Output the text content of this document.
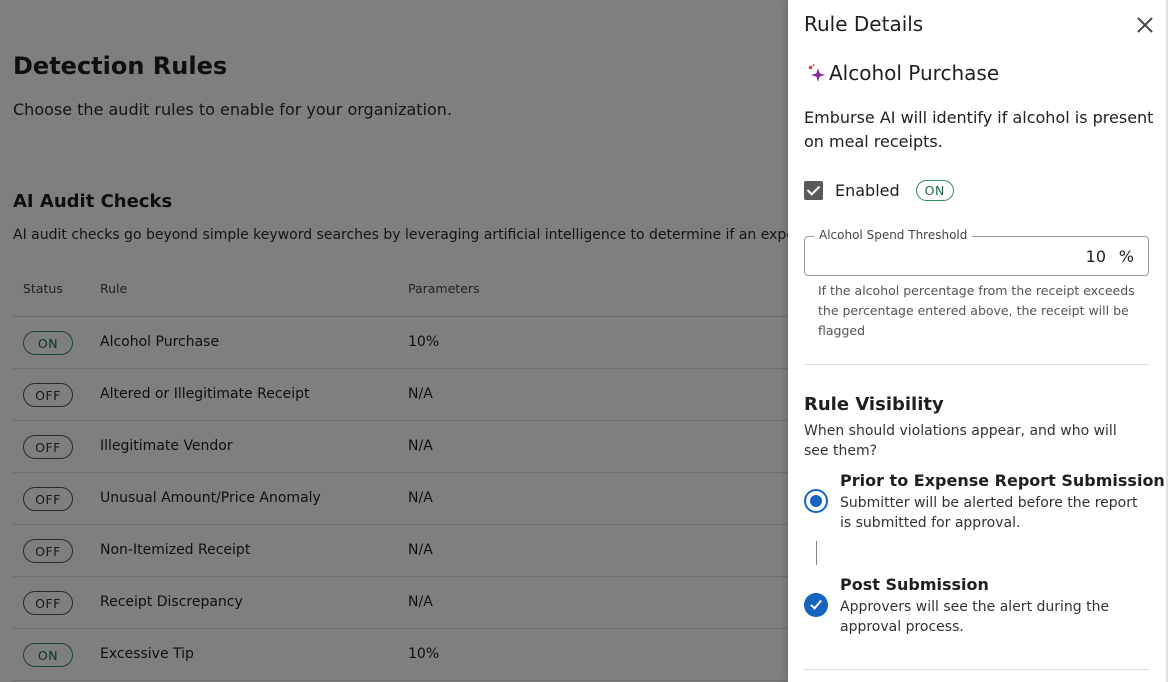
Rule Details
Alcohol Purchase
Emburse AI will identify if alcohol is present on meal receipts.
Enabled	ON
Alcohol Spend Threshold
10
%
If the alcohol percentage from the receipt exceeds the percentage entered above, the receipt will be flagged
Rule Visibility
When should violations appear, and who will see them?
Prior to Expense Report Submission
Submitter will be alerted before the report is submitted for approval.
Post Submission
Approvers will see the alert during the approval process.
